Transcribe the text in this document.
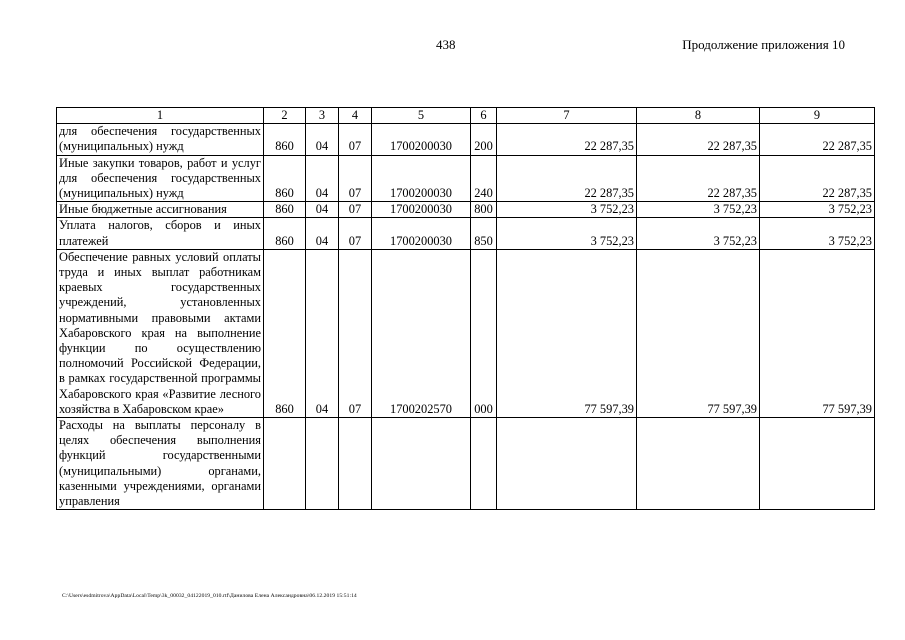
438	Продолжение приложения 10
1	2	3	4	5	6	7	8	9
для обеспечения государственных (муниципальных) нужд	860	04	07	1700200030	200	22 287,35	22 287,35	22 287,35
Иные закупки товаров, работ и услуг для обеспечения государственных (муниципальных) нужд	860	04	07	1700200030	240	22 287,35	22 287,35	22 287,35
Иные бюджетные ассигнования	860	04	07	1700200030	800	3 752,23	3 752,23	3 752,23
Уплата налогов, сборов и иных платежей	860	04	07	1700200030	850	3 752,23	3 752,23	3 752,23
Обеспечение равных условий оплаты труда и иных выплат работникам краевых государственных учреждений, установленных нормативными правовыми актами Хабаровского края на выполнение функции по осуществлению полномочий Российской Федерации, в рамках государственной программы Хабаровского края «Развитие лесного хозяйства в Хабаровском крае»	860	04	07	1700202570	000	77 597,39	77 597,39	77 597,39
Расходы на выплаты персоналу в целях обеспечения выполнения функций государственными (муниципальными) органами, казенными учреждениями, органами управления								
C:\Users\esdmitrova\AppData\Local\Temp\3k_00032_04122019_010.rtf\Данилова Елена Александровна\06.12.2019 15:51:14
